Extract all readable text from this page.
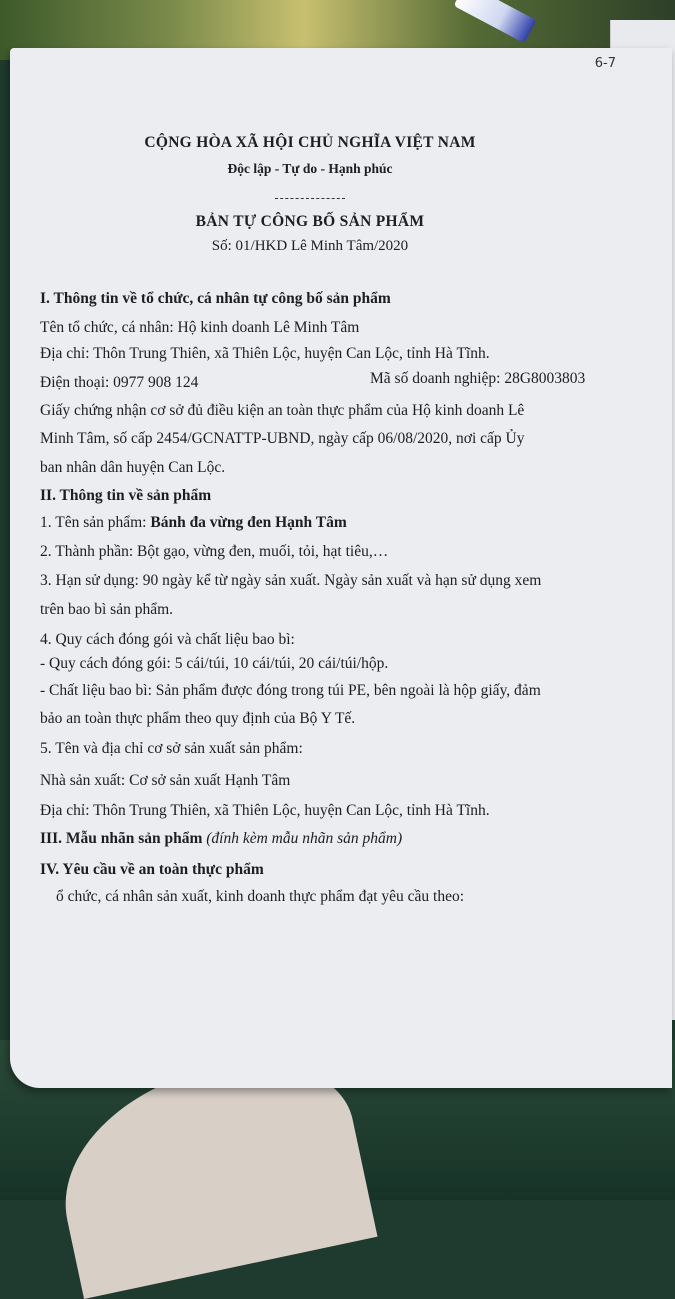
6-7
CỘNG HÒA XÃ HỘI CHỦ NGHĨA VIỆT NAM
Độc lập - Tự do - Hạnh phúc
BẢN TỰ CÔNG BỐ SẢN PHẨM
Số: 01/HKD Lê Minh Tâm/2020
I. Thông tin về tổ chức, cá nhân tự công bố sản phẩm
Tên tổ chức, cá nhân: Hộ kinh doanh Lê Minh Tâm
Địa chỉ: Thôn Trung Thiên, xã Thiên Lộc, huyện Can Lộc, tỉnh Hà Tĩnh.
Điện thoại: 0977 908 124	Mã số doanh nghiệp: 28G8003803
Giấy chứng nhận cơ sở đủ điều kiện an toàn thực phẩm của Hộ kinh doanh Lê
Minh Tâm, số cấp 2454/GCNATTP-UBND, ngày cấp 06/08/2020, nơi cấp Ủy
ban nhân dân huyện Can Lộc.
II. Thông tin về sản phẩm
1. Tên sản phẩm: Bánh đa vừng đen Hạnh Tâm
2. Thành phần: Bột gạo, vừng đen, muối, tỏi, hạt tiêu,…
3. Hạn sử dụng: 90 ngày kể từ ngày sản xuất. Ngày sản xuất và hạn sử dụng xem
trên bao bì sản phẩm.
4. Quy cách đóng gói và chất liệu bao bì:
- Quy cách đóng gói: 5 cái/túi, 10 cái/túi, 20 cái/túi/hộp.
- Chất liệu bao bì: Sản phẩm được đóng trong túi PE, bên ngoài là hộp giấy, đảm
bảo an toàn thực phẩm theo quy định của Bộ Y Tế.
5. Tên và địa chỉ cơ sở sản xuất sản phẩm:
Nhà sản xuất: Cơ sở sản xuất Hạnh Tâm
Địa chỉ: Thôn Trung Thiên, xã Thiên Lộc, huyện Can Lộc, tỉnh Hà Tĩnh.
III. Mẫu nhãn sản phẩm (đính kèm mẫu nhãn sản phẩm)
IV. Yêu cầu về an toàn thực phẩm
ổ chức, cá nhân sản xuất, kinh doanh thực phẩm đạt yêu cầu theo:
